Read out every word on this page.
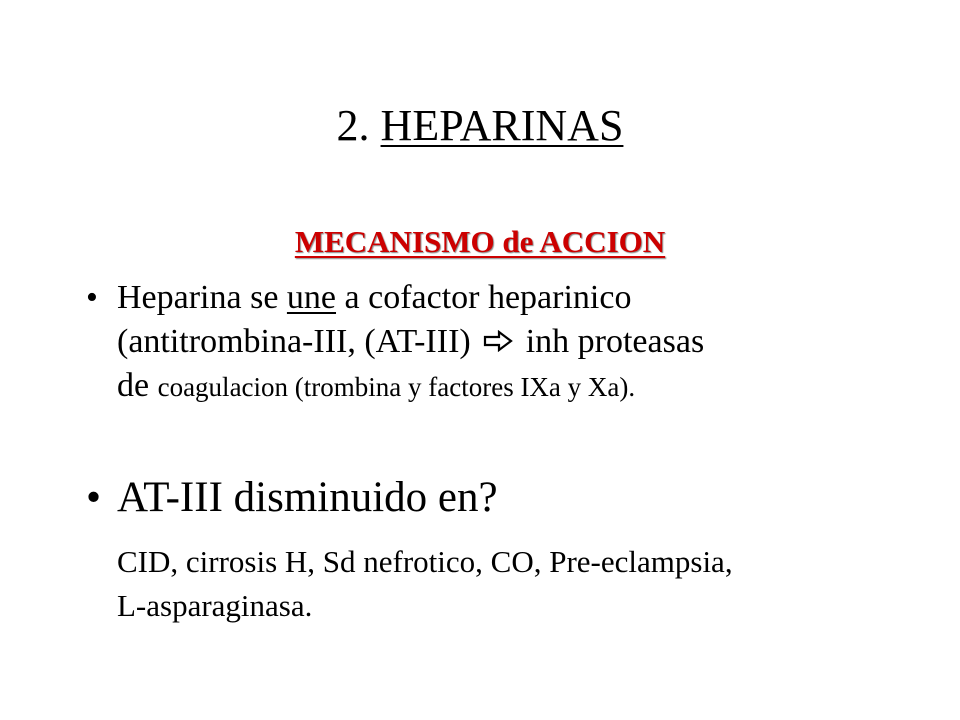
2. HEPARINAS
MECANISMO de ACCION
• Heparina se une a cofactor heparinico
(antitrombina-III, (AT-III) inh proteasas
de coagulacion (trombina y factores IXa y Xa).
• AT-III disminuido en?
CID, cirrosis H, Sd nefrotico, CO, Pre-eclampsia,
L-asparaginasa.
